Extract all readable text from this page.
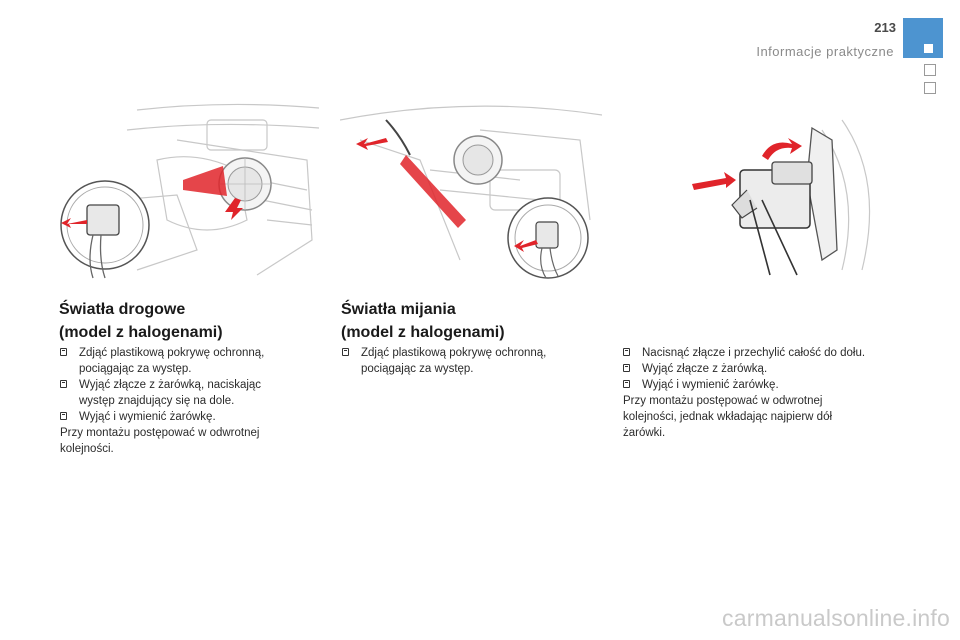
213
Informacje praktyczne
Światła drogowe
(model z halogenami)
Światła mijania
(model z halogenami)
Zdjąć plastikową pokrywę ochronną, pociągając za występ.
Wyjąć złącze z żarówką, naciskając występ znajdujący się na dole.
Wyjąć i wymienić żarówkę.
Przy montażu postępować w odwrotnej kolejności.
Zdjąć plastikową pokrywę ochronną, pociągając za występ.
Nacisnąć złącze i przechylić całość do dołu.
Wyjąć złącze z żarówką.
Wyjąć i wymienić żarówkę.
Przy montażu postępować w odwrotnej kolejności, jednak wkładając najpierw dół żarówki.
carmanualsonline.info
